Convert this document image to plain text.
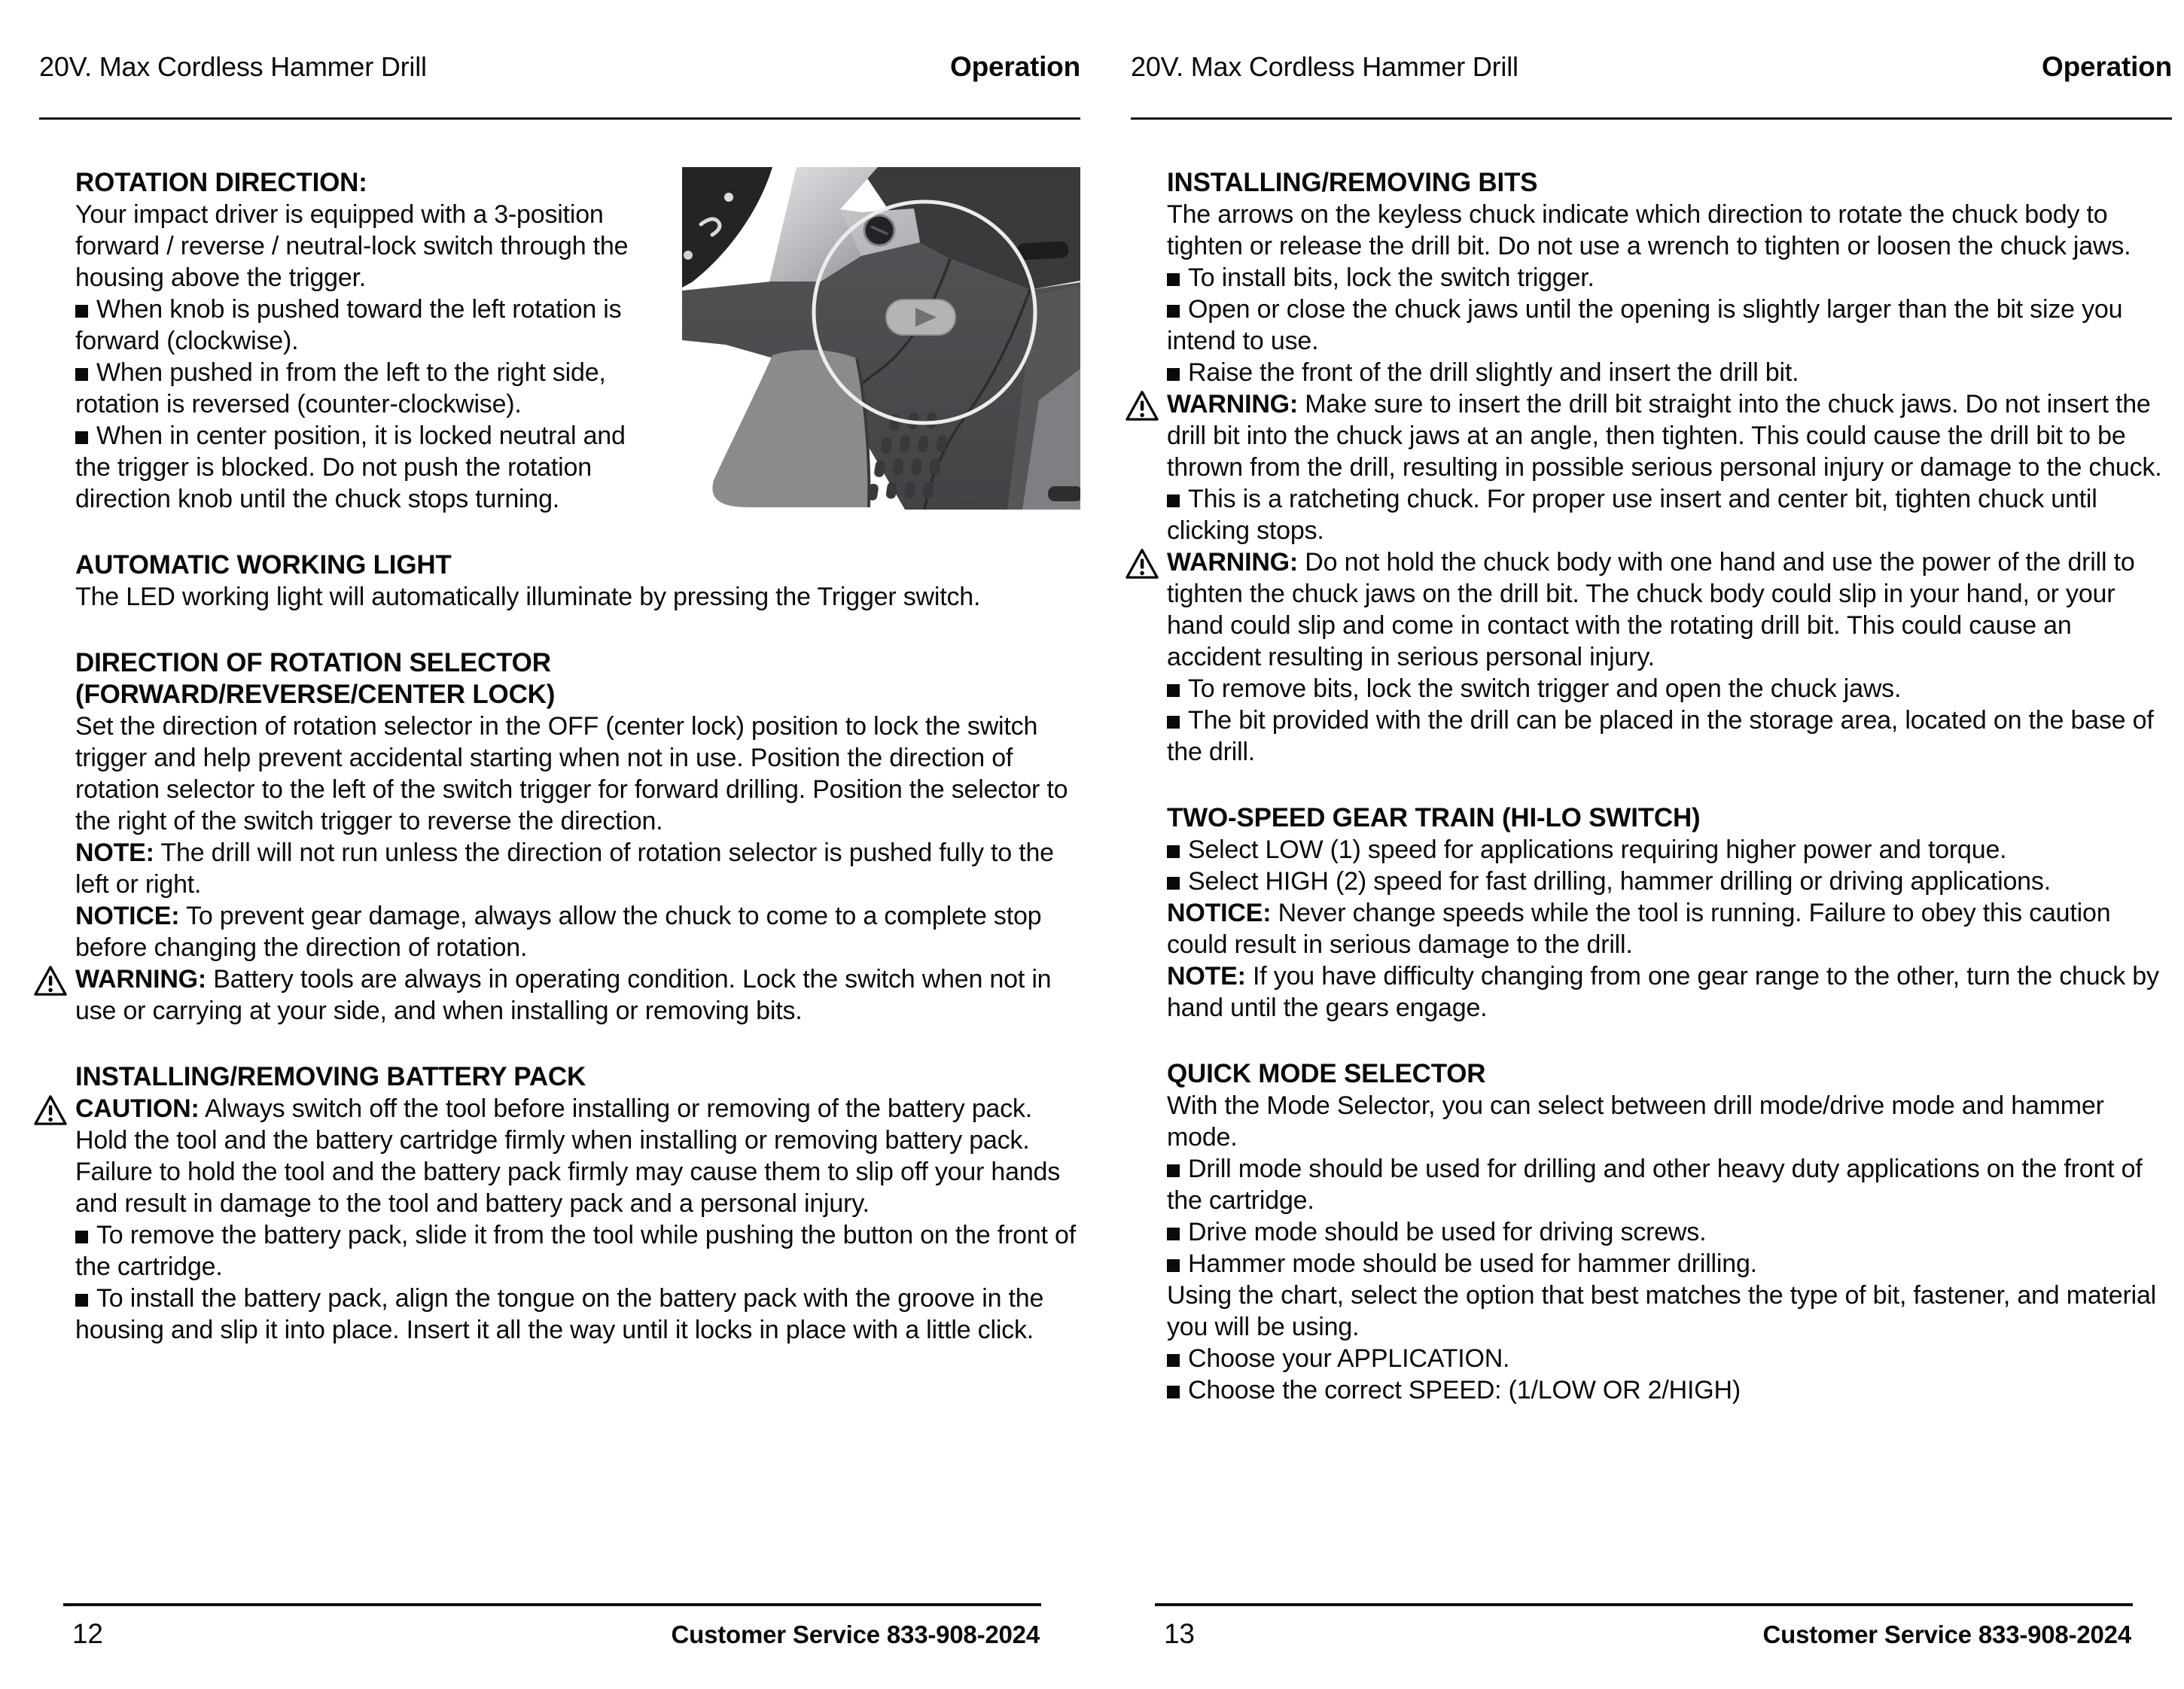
20V. Max Cordless Hammer Drill	Operation
ROTATION DIRECTION:

Your impact driver is equipped with a 3-position forward / reverse / neutral-lock switch through the housing above the trigger.

When knob is pushed toward the left rotation is forward (clockwise).

When pushed in from the left to the right side, rotation is reversed (counter-clockwise).

When in center position, it is locked neutral and the trigger is blocked. Do not push the rotation direction knob until the chuck stops turning.

AUTOMATIC WORKING LIGHT

The LED working light will automatically illuminate by pressing the Trigger switch.

DIRECTION OF ROTATION SELECTOR
(FORWARD/REVERSE/CENTER LOCK)

Set the direction of rotation selector in the OFF (center lock) position to lock the switch trigger and help prevent accidental starting when not in use. Position the direction of rotation selector to the left of the switch trigger for forward drilling. Position the selector to the right of the switch trigger to reverse the direction.

NOTE: The drill will not run unless the direction of rotation selector is pushed fully to the left or right.

NOTICE: To prevent gear damage, always allow the chuck to come to a complete stop before changing the direction of rotation.

WARNING: Battery tools are always in operating condition. Lock the switch when not in use or carrying at your side, and when installing or removing bits.

INSTALLING/REMOVING BATTERY PACK

CAUTION: Always switch off the tool before installing or removing of the battery pack. Hold the tool and the battery cartridge firmly when installing or removing battery pack. Failure to hold the tool and the battery pack firmly may cause them to slip off your hands and result in damage to the tool and battery pack and a personal injury.

To remove the battery pack, slide it from the tool while pushing the button on the front of the cartridge.

To install the battery pack, align the tongue on the battery pack with the groove in the housing and slip it into place. Insert it all the way until it locks in place with a little click.

12	Customer Service 833-908-2024
20V. Max Cordless Hammer Drill	Operation
INSTALLING/REMOVING BITS

The arrows on the keyless chuck indicate which direction to rotate the chuck body to tighten or release the drill bit. Do not use a wrench to tighten or loosen the chuck jaws.

To install bits, lock the switch trigger.

Open or close the chuck jaws until the opening is slightly larger than the bit size you intend to use.

Raise the front of the drill slightly and insert the drill bit.

WARNING: Make sure to insert the drill bit straight into the chuck jaws. Do not insert the drill bit into the chuck jaws at an angle, then tighten. This could cause the drill bit to be thrown from the drill, resulting in possible serious personal injury or damage to the chuck.

This is a ratcheting chuck. For proper use insert and center bit, tighten chuck until clicking stops.

WARNING: Do not hold the chuck body with one hand and use the power of the drill to tighten the chuck jaws on the drill bit. The chuck body could slip in your hand, or your hand could slip and come in contact with the rotating drill bit. This could cause an accident resulting in serious personal injury.

To remove bits, lock the switch trigger and open the chuck jaws.

The bit provided with the drill can be placed in the storage area, located on the base of the drill.

TWO-SPEED GEAR TRAIN (HI-LO SWITCH)

Select LOW (1) speed for applications requiring higher power and torque.

Select HIGH (2) speed for fast drilling, hammer drilling or driving applications.

NOTICE: Never change speeds while the tool is running. Failure to obey this caution could result in serious damage to the drill.

NOTE: If you have difficulty changing from one gear range to the other, turn the chuck by hand until the gears engage.

QUICK MODE SELECTOR

With the Mode Selector, you can select between drill mode/drive mode and hammer mode.

Drill mode should be used for drilling and other heavy duty applications on the front of the cartridge.

Drive mode should be used for driving screws.

Hammer mode should be used for hammer drilling.

Using the chart, select the option that best matches the type of bit, fastener, and material you will be using.

Choose your APPLICATION.

Choose the correct SPEED: (1/LOW OR 2/HIGH)

13	Customer Service 833-908-2024
